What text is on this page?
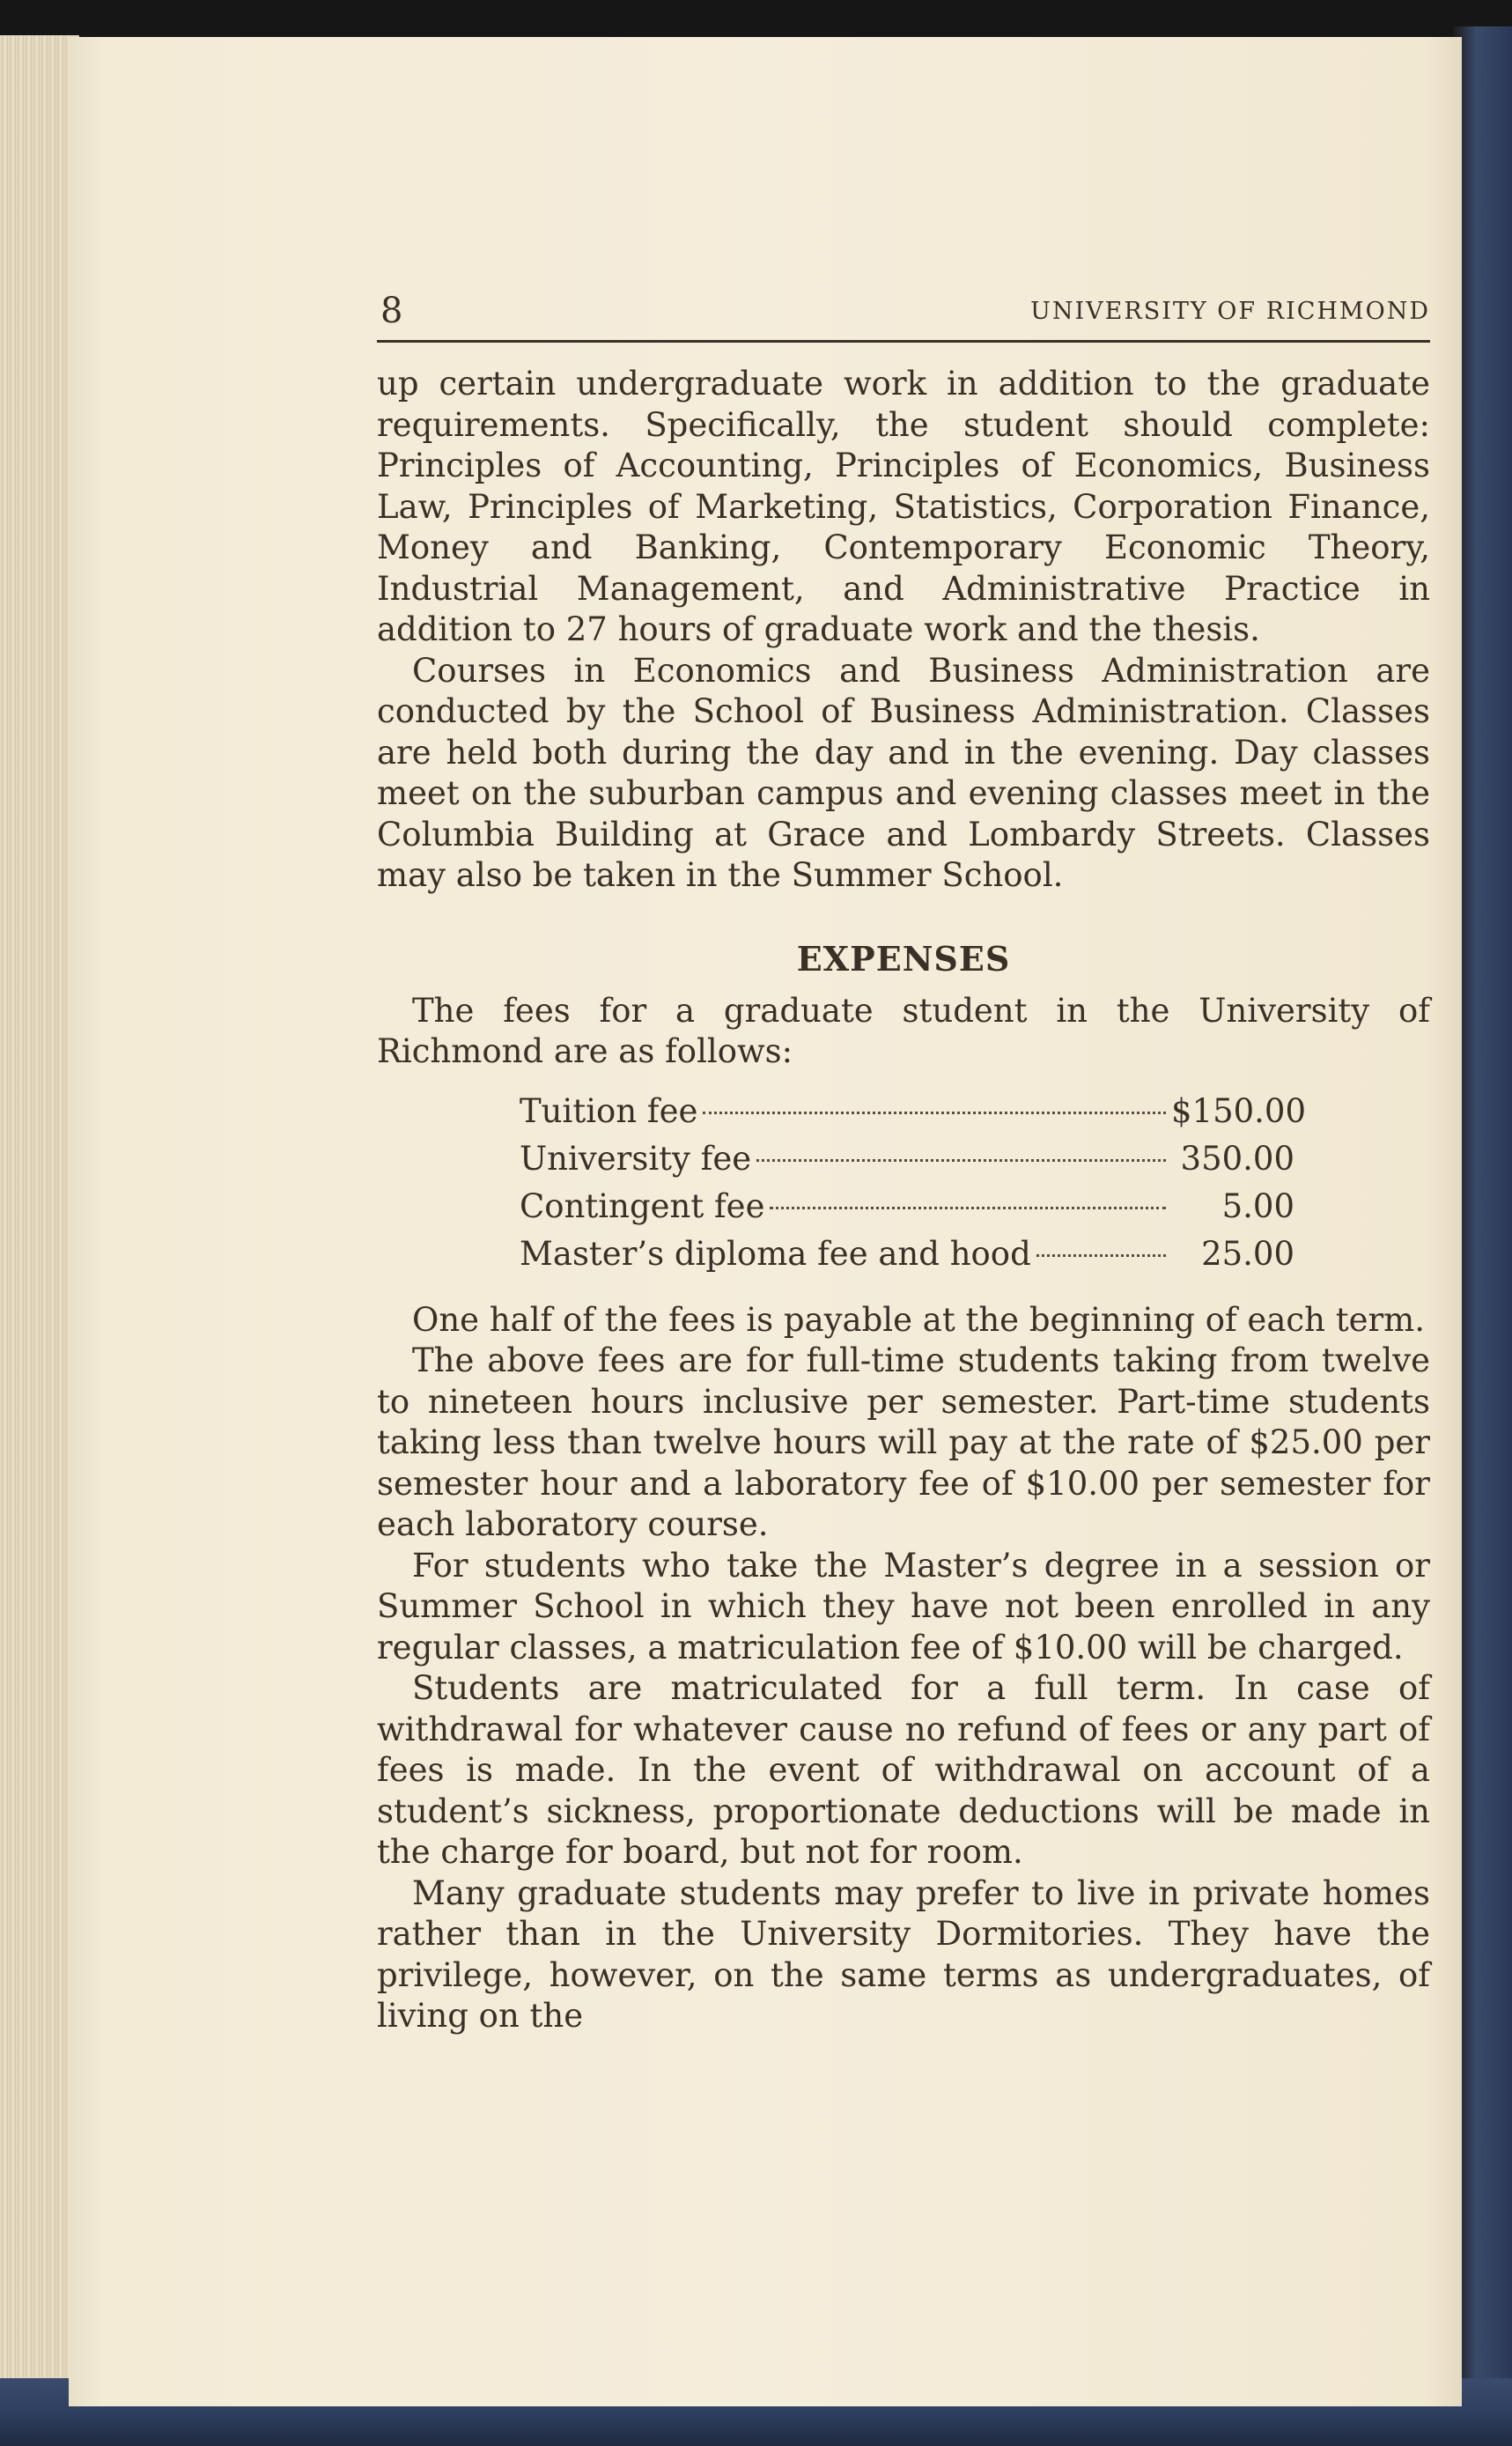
8	UNIVERSITY OF RICHMOND

up certain undergraduate work in addition to the graduate requirements. Specifically, the student should complete: Principles of Accounting, Principles of Economics, Business Law, Principles of Marketing, Statistics, Corporation Finance, Money and Banking, Contemporary Economic Theory, Industrial Management, and Administrative Practice in addition to 27 hours of graduate work and the thesis.

Courses in Economics and Business Administration are conducted by the School of Business Administration. Classes are held both during the day and in the evening. Day classes meet on the suburban campus and evening classes meet in the Columbia Building at Grace and Lombardy Streets. Classes may also be taken in the Summer School.

EXPENSES

The fees for a graduate student in the University of Richmond are as follows:

Tuition fee	$150.00
University fee	350.00
Contingent fee	5.00
Master’s diploma fee and hood	25.00

One half of the fees is payable at the beginning of each term.

The above fees are for full-time students taking from twelve to nineteen hours inclusive per semester. Part-time students taking less than twelve hours will pay at the rate of $25.00 per semester hour and a laboratory fee of $10.00 per semester for each laboratory course.

For students who take the Master’s degree in a session or Summer School in which they have not been enrolled in any regular classes, a matriculation fee of $10.00 will be charged.

Students are matriculated for a full term. In case of withdrawal for whatever cause no refund of fees or any part of fees is made. In the event of withdrawal on account of a student’s sickness, proportionate deductions will be made in the charge for board, but not for room.

Many graduate students may prefer to live in private homes rather than in the University Dormitories. They have the privilege, however, on the same terms as undergraduates, of living on the
